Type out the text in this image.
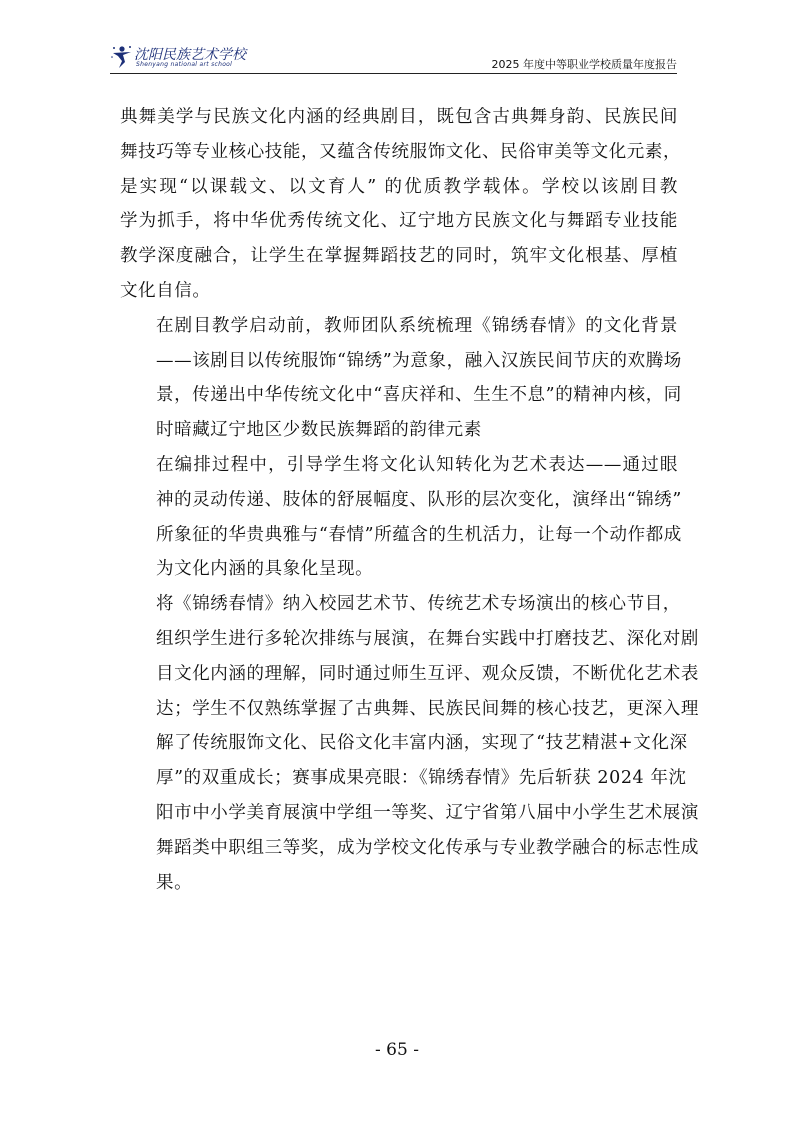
沈阳民族艺术学校
Shenyang national art school	2025 年度中等职业学校质量年度报告

典舞美学与民族文化内涵的经典剧目，既包含古典舞身韵、民族民间
舞技巧等专业核心技能，又蕴含传统服饰文化、民俗审美等文化元素，
是实现“以课载文、以文育人” 的优质教学载体。学校以该剧目教
学为抓手，将中华优秀传统文化、辽宁地方民族文化与舞蹈专业技能
教学深度融合，让学生在掌握舞蹈技艺的同时，筑牢文化根基、厚植
文化自信。

在剧目教学启动前，教师团队系统梳理《锦绣春情》的文化背景
——该剧目以传统服饰“锦绣”为意象，融入汉族民间节庆的欢腾场
景，传递出中华传统文化中“喜庆祥和、生生不息”的精神内核，同
时暗藏辽宁地区少数民族舞蹈的韵律元素

在编排过程中，引导学生将文化认知转化为艺术表达——通过眼
神的灵动传递、肢体的舒展幅度、队形的层次变化，演绎出“锦绣”
所象征的华贵典雅与“春情”所蕴含的生机活力，让每一个动作都成
为文化内涵的具象化呈现。

将《锦绣春情》纳入校园艺术节、传统艺术专场演出的核心节目，
组织学生进行多轮次排练与展演，在舞台实践中打磨技艺、深化对剧
目文化内涵的理解，同时通过师生互评、观众反馈，不断优化艺术表
达；学生不仅熟练掌握了古典舞、民族民间舞的核心技艺，更深入理
解了传统服饰文化、民俗文化丰富内涵，实现了“技艺精湛+文化深
厚”的双重成长；赛事成果亮眼：《锦绣春情》先后斩获 2024 年沈
阳市中小学美育展演中学组一等奖、辽宁省第八届中小学生艺术展演
舞蹈类中职组三等奖，成为学校文化传承与专业教学融合的标志性成
果。

- 65 -
